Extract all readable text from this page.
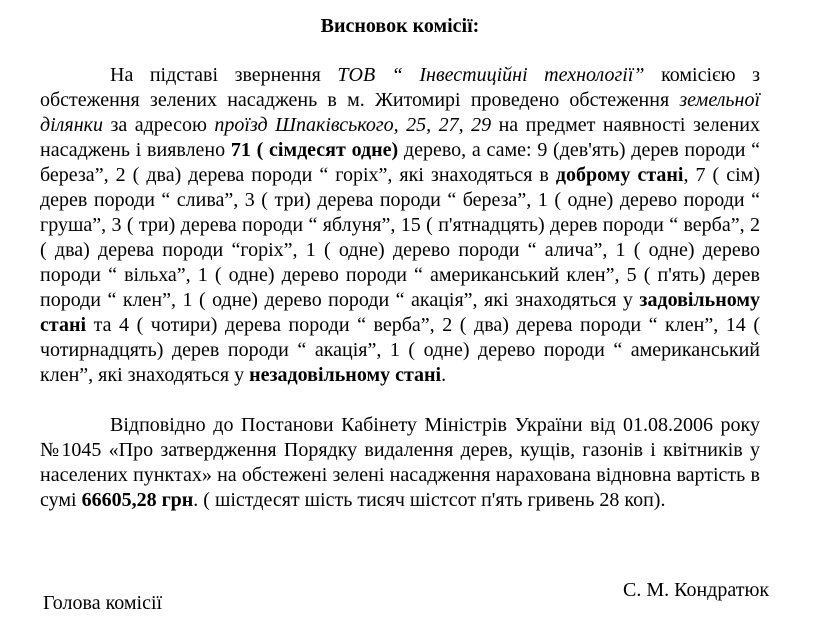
Висновок комісії:

На підставі звернення ТОВ “ Інвестиційні технології” комісією з обстеження зелених насаджень в м. Житомирі проведено обстеження земельної ділянки за адресою проїзд Шпаківського, 25, 27, 29 на предмет наявності зелених насаджень і виявлено 71 ( сімдесят одне) дерево, а саме: 9 (дев'ять) дерев породи “ береза”, 2 ( два) дерева породи “ горіх”, які знаходяться в доброму стані, 7 ( сім) дерев породи “ слива”, 3 ( три) дерева породи “ береза”, 1 ( одне) дерево породи “ груша”, 3 ( три) дерева породи “ яблуня”, 15 ( п'ятнадцять) дерев породи “ верба”, 2 ( два) дерева породи “горіх”, 1 ( одне) дерево породи “ алича”, 1 ( одне) дерево породи “ вільха”, 1 ( одне) дерево породи “ американський клен”, 5 ( п'ять) дерев породи “ клен”, 1 ( одне) дерево породи “ акація”, які знаходяться у задовільному стані та 4 ( чотири) дерева породи “ верба”, 2 ( два) дерева породи “ клен”, 14 ( чотирнадцять) дерев породи “ акація”, 1 ( одне) дерево породи “ американський клен”, які знаходяться у незадовільному стані.

Відповідно до Постанови Кабінету Міністрів України від 01.08.2006 року №1045 «Про затвердження Порядку видалення дерев, кущів, газонів і квітників у населених пунктах» на обстежені зелені насадження нарахована відновна вартість в сумі 66605,28 грн. ( шістдесят шість тисяч шістсот п'ять гривень 28 коп).

Голова комісії
С. М. Кондратюк
